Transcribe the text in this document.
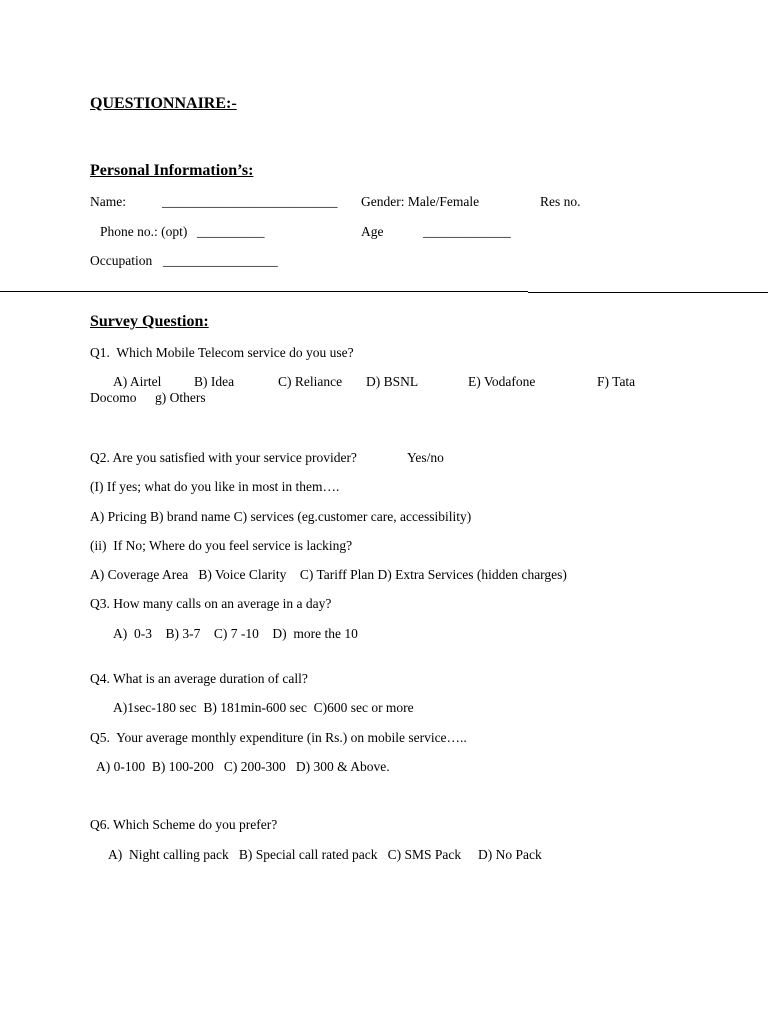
QUESTIONNAIRE:-
Personal Information’s:
Name:	__________________________ Gender: Male/Female	Res no.
Phone no.: (opt) __________	Age	_____________
Occupation _________________
Survey Question:
Q1.  Which Mobile Telecom service do you use?
A) Airtel B) Idea	C) Reliance D) BSNL	E) Vodafone	F) Tata
Docomo g) Others
Q2. Are you satisfied with your service provider?	Yes/no
(I) If yes; what do you like in most in them….
A) Pricing B) brand name C) services (eg.customer care, accessibility)
(ii)  If No; Where do you feel service is lacking?
A) Coverage Area   B) Voice Clarity    C) Tariff Plan D) Extra Services (hidden charges)
Q3. How many calls on an average in a day?
A)  0-3    B) 3-7    C) 7 -10    D)  more the 10
Q4. What is an average duration of call?
A)1sec-180 sec  B) 181min-600 sec  C)600 sec or more
Q5.  Your average monthly expenditure (in Rs.) on mobile service…..
A) 0-100  B) 100-200   C) 200-300   D) 300 & Above.
Q6. Which Scheme do you prefer?
A)  Night calling pack   B) Special call rated pack   C) SMS Pack     D) No Pack
